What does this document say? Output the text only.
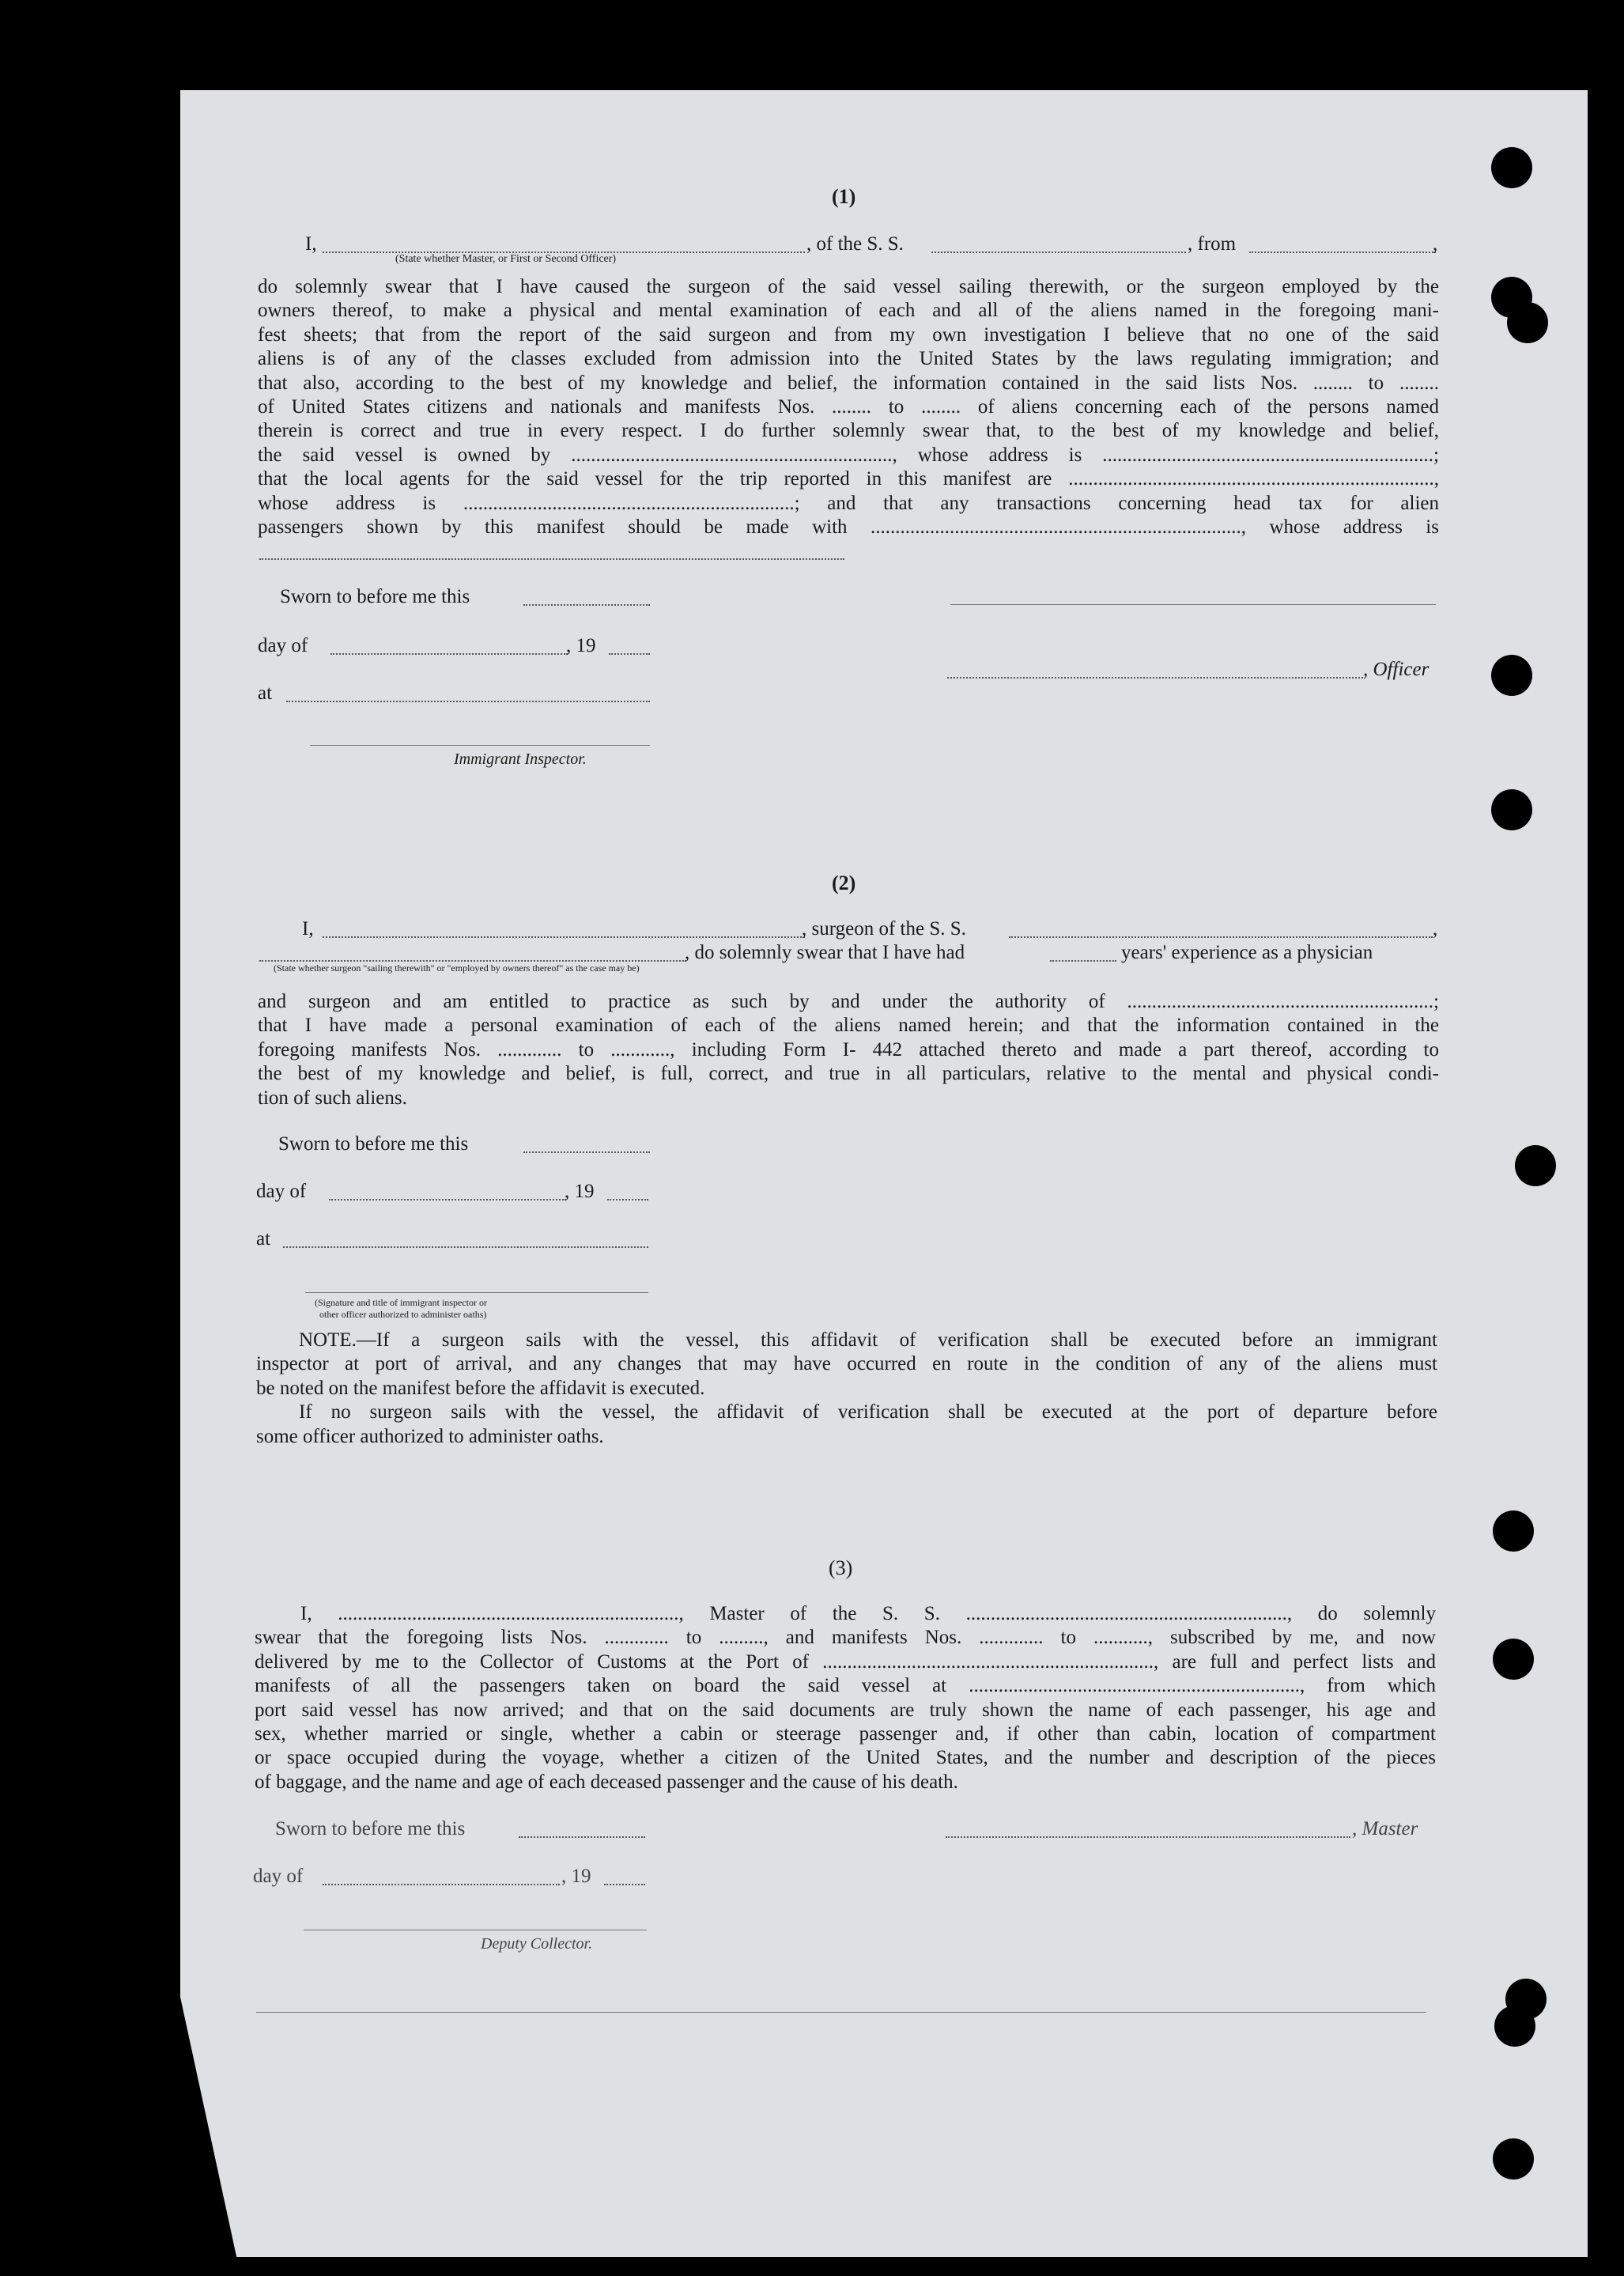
(1)
I,	, of the S. S.	, from	,
(State whether Master, or First or Second Officer)
do solemnly swear that I have caused the surgeon of the said vessel sailing therewith, or the surgeon employed by the
owners thereof, to make a physical and mental examination of each and all of the aliens named in the foregoing mani-
fest sheets; that from the report of the said surgeon and from my own investigation I believe that no one of the said
aliens is of any of the classes excluded from admission into the United States by the laws regulating immigration; and
that also, according to the best of my knowledge and belief, the information contained in the said lists Nos. ........ to ........
of United States citizens and nationals and manifests Nos. ........ to ........ of aliens concerning each of the persons named
therein is correct and true in every respect. I do further solemnly swear that, to the best of my knowledge and belief,
the said vessel is owned by ................................................................., whose address is ...................................................................;
that the local agents for the said vessel for the trip reported in this manifest are ..........................................................................,
whose address is ...................................................................; and that any transactions concerning head tax for alien
passengers shown by this manifest should be made with ..........................................................................., whose address is
Sworn to before me this
day of	, 19
, Officer
at
Immigrant Inspector.
(2)
I,	, surgeon of the S. S.	,
, do solemnly swear that I have had	years' experience as a physician
(State whether surgeon "sailing therewith" or "employed by owners thereof" as the case may be)
and surgeon and am entitled to practice as such by and under the authority of ..............................................................;
that I have made a personal examination of each of the aliens named herein; and that the information contained in the
foregoing manifests Nos. ............. to ............, including Form I- 442 attached thereto and made a part thereof, according to
the best of my knowledge and belief, is full, correct, and true in all particulars, relative to the mental and physical condi-
tion of such aliens.
Sworn to before me this
day of	, 19
at
(Signature and title of immigrant inspector or
other officer authorized to administer oaths)
NOTE.—If a surgeon sails with the vessel, this affidavit of verification shall be executed before an immigrant
inspector at port of arrival, and any changes that may have occurred en route in the condition of any of the aliens must
be noted on the manifest before the affidavit is executed.
If no surgeon sails with the vessel, the affidavit of verification shall be executed at the port of departure before
some officer authorized to administer oaths.
(3)
I, ....................................................................., Master of the S. S. ................................................................., do solemnly
swear that the foregoing lists Nos. ............. to ........., and manifests Nos. ............. to ..........., subscribed by me, and now
delivered by me to the Collector of Customs at the Port of ..................................................................., are full and perfect lists and
manifests of all the passengers taken on board the said vessel at ..................................................................., from which
port said vessel has now arrived; and that on the said documents are truly shown the name of each passenger, his age and
sex, whether married or single, whether a cabin or steerage passenger and, if other than cabin, location of compartment
or space occupied during the voyage, whether a citizen of the United States, and the number and description of the pieces
of baggage, and the name and age of each deceased passenger and the cause of his death.
Sworn to before me this	, Master
day of	, 19
Deputy Collector.
